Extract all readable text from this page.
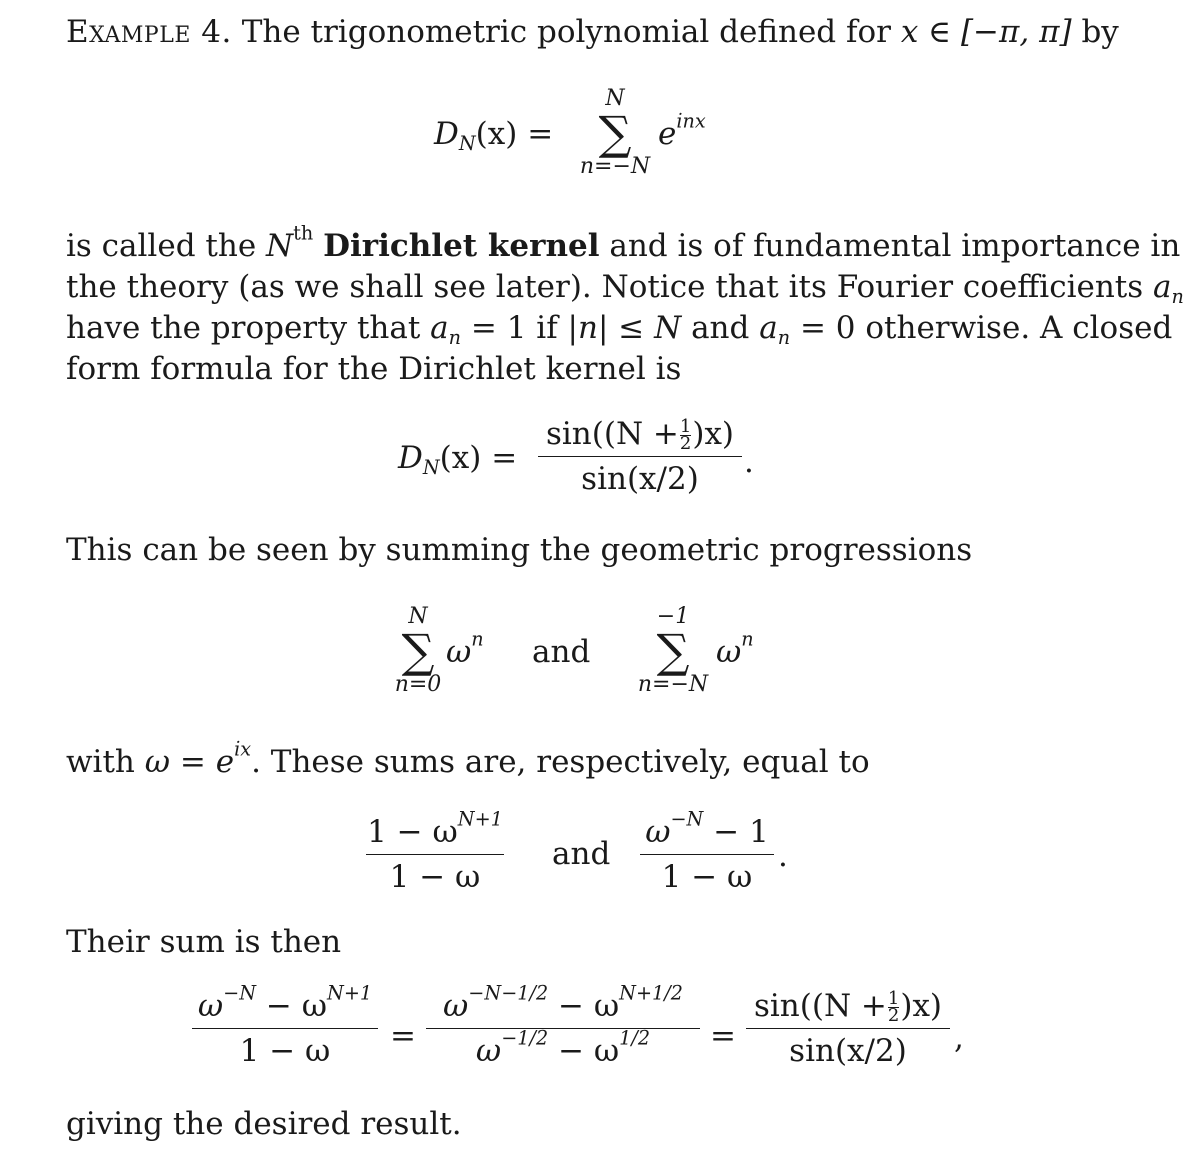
Example 4. The trigonometric polynomial defined for x ∈ [−π, π] by
$D_N(x)$ =
N
∑
n=−N
$e^{inx}$
is called the $N^{th}$ Dirichlet kernel and is of fundamental importance in
the theory (as we shall see later). Notice that its Fourier coefficients $a_n$
have the property that $a_n = 1$ if |n| ≤ N and $a_n = 0$ otherwise. A closed
form formula for the Dirichlet kernel is
$D_N(x)$ =
$\sin((N + \frac{1}{2} )x)$
sin(x/2)	.
This can be seen by summing the geometric progressions
N
∑
n=0
$\omega^n$ and
−1
∑
n=−N
$\omega^n$
with $\omega = e^{ix}$. These sums are, respectively, equal to
$1 - \omega^{N+1}$
1 − ω
and
$\omega^{-N} - 1$
1 − ω
.
Their sum is then
$\omega^{-N} - \omega^{N+1}$
1 − ω	=
$\omega^{-N-1/2} - \omega^{N+1/2}$
$\omega^{-1/2} - \omega^{1/2}$	=
$\sin((N + \frac{1}{2} )x)$
sin(x/2)	,
giving the desired result.
